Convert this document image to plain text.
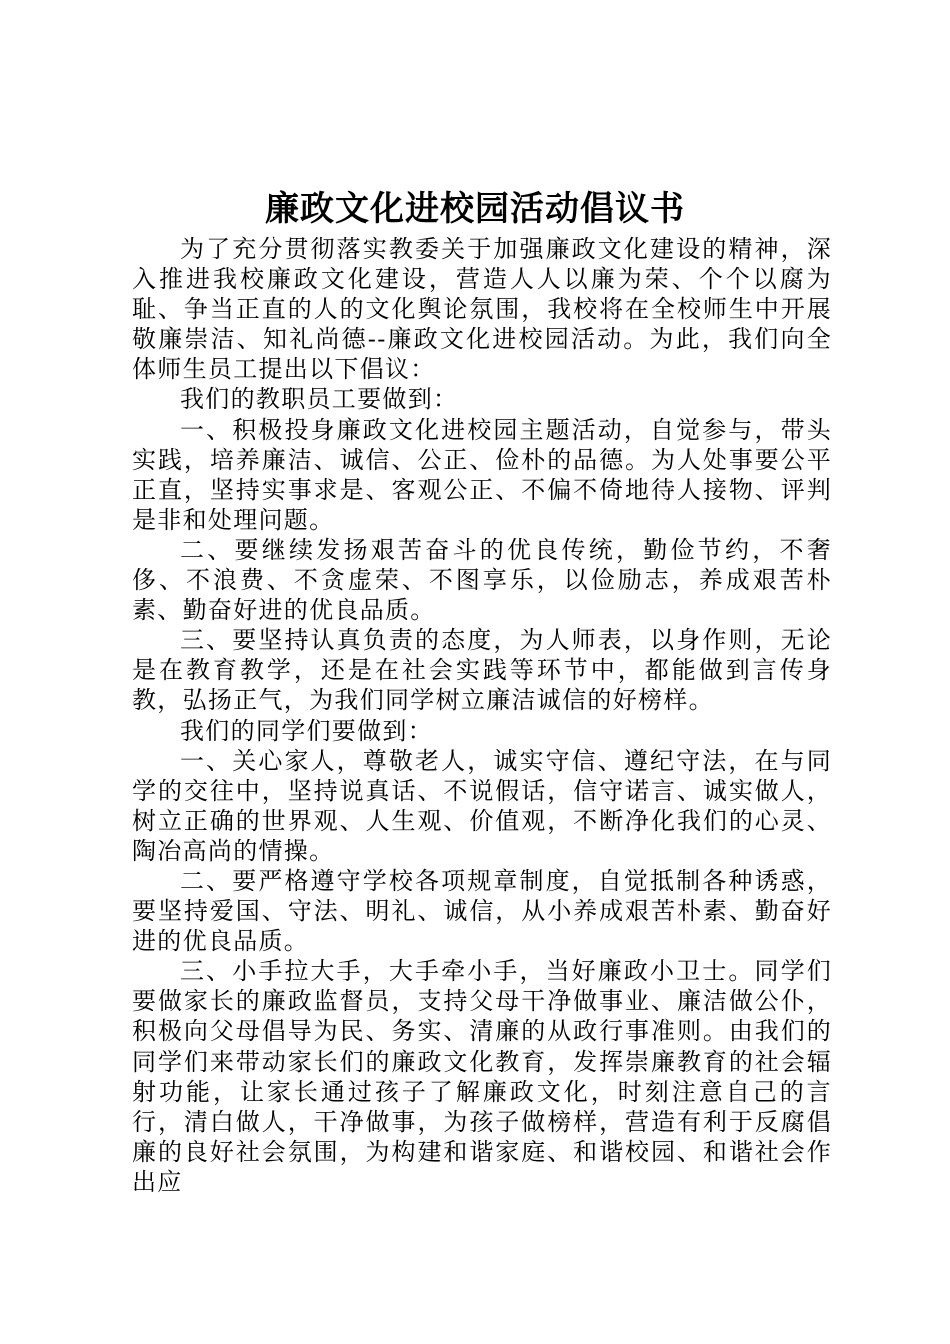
廉政文化进校园活动倡议书

为了充分贯彻落实教委关于加强廉政文化建设的精神，深入推进我校廉政文化建设，营造人人以廉为荣、个个以腐为耻、争当正直的人的文化舆论氛围，我校将在全校师生中开展敬廉崇洁、知礼尚德--廉政文化进校园活动。为此，我们向全体师生员工提出以下倡议：

我们的教职员工要做到：

一、积极投身廉政文化进校园主题活动，自觉参与，带头实践，培养廉洁、诚信、公正、俭朴的品德。为人处事要公平正直，坚持实事求是、客观公正、不偏不倚地待人接物、评判是非和处理问题。

二、要继续发扬艰苦奋斗的优良传统，勤俭节约，不奢侈、不浪费、不贪虚荣、不图享乐，以俭励志，养成艰苦朴素、勤奋好进的优良品质。

三、要坚持认真负责的态度，为人师表，以身作则，无论是在教育教学，还是在社会实践等环节中，都能做到言传身教，弘扬正气，为我们同学树立廉洁诚信的好榜样。

我们的同学们要做到：

一、关心家人，尊敬老人，诚实守信、遵纪守法，在与同学的交往中，坚持说真话、不说假话，信守诺言、诚实做人，树立正确的世界观、人生观、价值观，不断净化我们的心灵、陶冶高尚的情操。

二、要严格遵守学校各项规章制度，自觉抵制各种诱惑，要坚持爱国、守法、明礼、诚信，从小养成艰苦朴素、勤奋好进的优良品质。

三、小手拉大手，大手牵小手，当好廉政小卫士。同学们要做家长的廉政监督员，支持父母干净做事业、廉洁做公仆，积极向父母倡导为民、务实、清廉的从政行事准则。由我们的同学们来带动家长们的廉政文化教育，发挥崇廉教育的社会辐射功能，让家长通过孩子了解廉政文化，时刻注意自己的言行，清白做人，干净做事，为孩子做榜样，营造有利于反腐倡廉的良好社会氛围，为构建和谐家庭、和谐校园、和谐社会作出应
